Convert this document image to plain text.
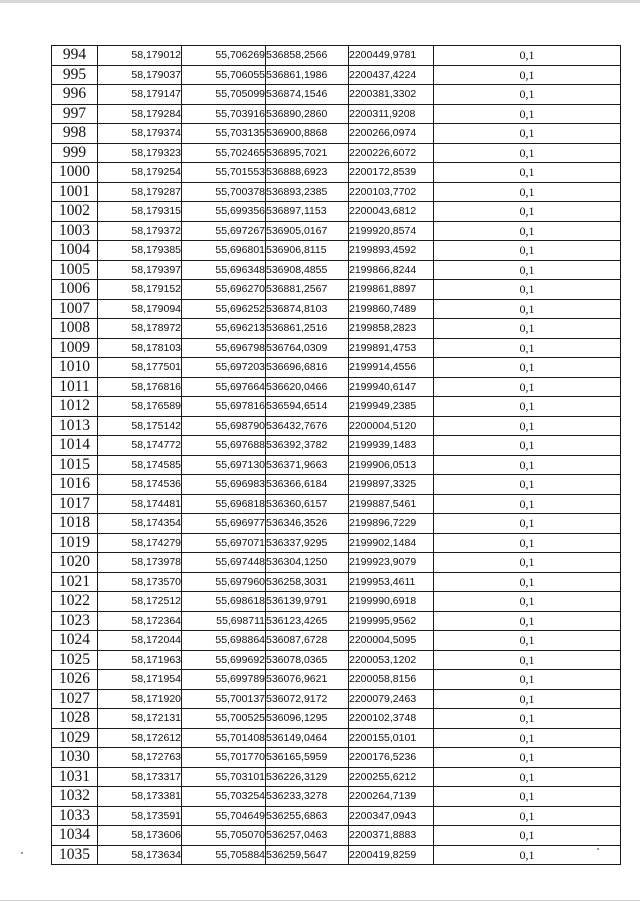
994	58,179012	55,706269	536858,2566	2200449,9781	0,1
995	58,179037	55,706055	536861,1986	2200437,4224	0,1
996	58,179147	55,705099	536874,1546	2200381,3302	0,1
997	58,179284	55,703916	536890,2860	2200311,9208	0,1
998	58,179374	55,703135	536900,8868	2200266,0974	0,1
999	58,179323	55,702465	536895,7021	2200226,6072	0,1
1000	58,179254	55,701553	536888,6923	2200172,8539	0,1
1001	58,179287	55,700378	536893,2385	2200103,7702	0,1
1002	58,179315	55,699356	536897,1153	2200043,6812	0,1
1003	58,179372	55,697267	536905,0167	2199920,8574	0,1
1004	58,179385	55,696801	536906,8115	2199893,4592	0,1
1005	58,179397	55,696348	536908,4855	2199866,8244	0,1
1006	58,179152	55,696270	536881,2567	2199861,8897	0,1
1007	58,179094	55,696252	536874,8103	2199860,7489	0,1
1008	58,178972	55,696213	536861,2516	2199858,2823	0,1
1009	58,178103	55,696798	536764,0309	2199891,4753	0,1
1010	58,177501	55,697203	536696,6816	2199914,4556	0,1
1011	58,176816	55,697664	536620,0466	2199940,6147	0,1
1012	58,176589	55,697816	536594,6514	2199949,2385	0,1
1013	58,175142	55,698790	536432,7676	2200004,5120	0,1
1014	58,174772	55,697688	536392,3782	2199939,1483	0,1
1015	58,174585	55,697130	536371,9663	2199906,0513	0,1
1016	58,174536	55,696983	536366,6184	2199897,3325	0,1
1017	58,174481	55,696818	536360,6157	2199887,5461	0,1
1018	58,174354	55,696977	536346,3526	2199896,7229	0,1
1019	58,174279	55,697071	536337,9295	2199902,1484	0,1
1020	58,173978	55,697448	536304,1250	2199923,9079	0,1
1021	58,173570	55,697960	536258,3031	2199953,4611	0,1
1022	58,172512	55,698618	536139,9791	2199990,6918	0,1
1023	58,172364	55,698711	536123,4265	2199995,9562	0,1
1024	58,172044	55,698864	536087,6728	2200004,5095	0,1
1025	58,171963	55,699692	536078,0365	2200053,1202	0,1
1026	58,171954	55,699789	536076,9621	2200058,8156	0,1
1027	58,171920	55,700137	536072,9172	2200079,2463	0,1
1028	58,172131	55,700525	536096,1295	2200102,3748	0,1
1029	58,172612	55,701408	536149,0464	2200155,0101	0,1
1030	58,172763	55,701770	536165,5959	2200176,5236	0,1
1031	58,173317	55,703101	536226,3129	2200255,6212	0,1
1032	58,173381	55,703254	536233,3278	2200264,7139	0,1
1033	58,173591	55,704649	536255,6863	2200347,0943	0,1
1034	58,173606	55,705070	536257,0463	2200371,8883	0,1
1035	58,173634	55,705884	536259,5647	2200419,8259	0,1
